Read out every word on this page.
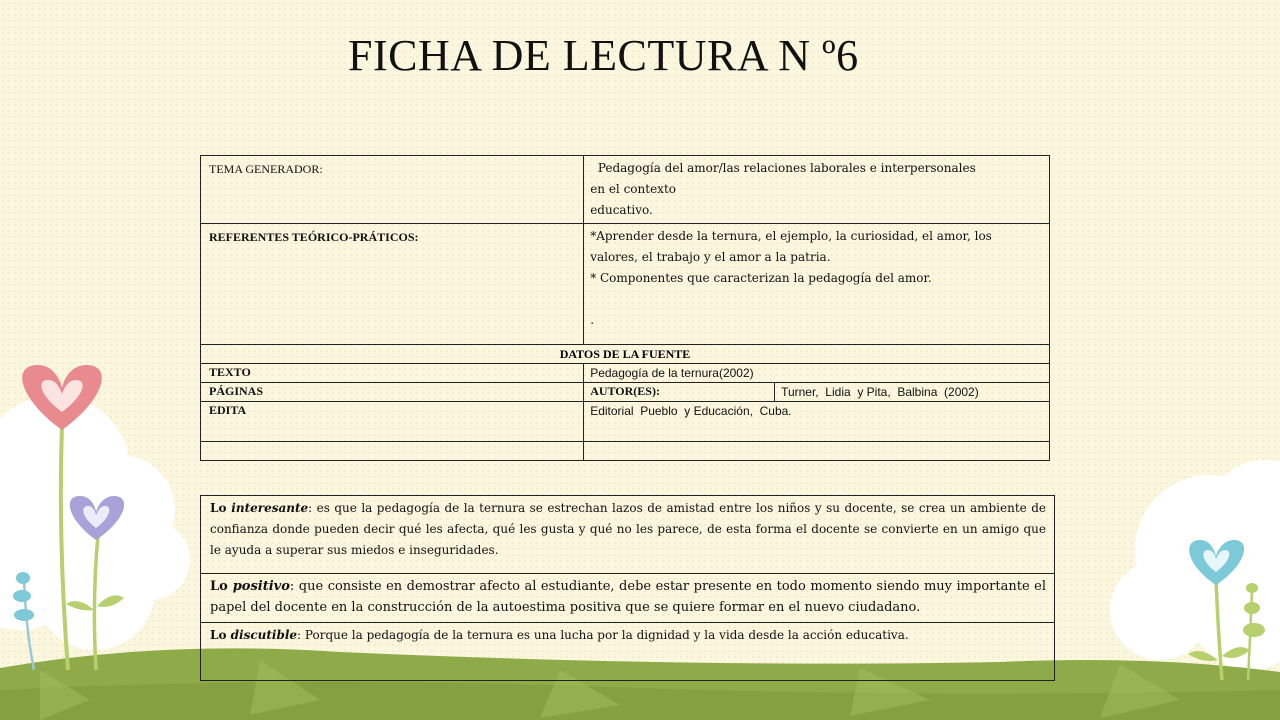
FICHA DE LECTURA N º6
TEMA GENERADOR:	Pedagogía del amor/las relaciones laborales e interpersonales
en el contexto
educativo.	

REFERENTES TEÓRICO-PRÁTICOS:	*Aprender desde la ternura, el ejemplo, la curiosidad, el amor, los
valores, el trabajo y el amor a la patria.
* Componentes que caracterizan la pedagogía del amor.
.	

DATOS DE LA FUENTE		
TEXTO	Pedagogía de la ternura(2002)	
PÁGINAS	AUTOR(ES):	Turner,  Lidia  y Pita,  Balbina  (2002)
EDITA	Editorial  Pueblo  y Educación,  Cuba.	

Lo interesante: es que la pedagogía de la ternura se estrechan lazos de amistad entre los niños y su docente, se crea un ambiente de confianza donde pueden decir qué les afecta, qué les gusta y qué no les parece, de esta forma el docente se convierte en un amigo que le ayuda a superar sus miedos e inseguridades.
Lo positivo: que consiste en demostrar afecto al estudiante, debe estar presente en todo momento siendo muy importante el papel del docente en la construcción de la autoestima positiva que se quiere formar en el nuevo ciudadano.
Lo discutible: Porque la pedagogía de la ternura es una lucha por la dignidad y la vida desde la acción educativa.
